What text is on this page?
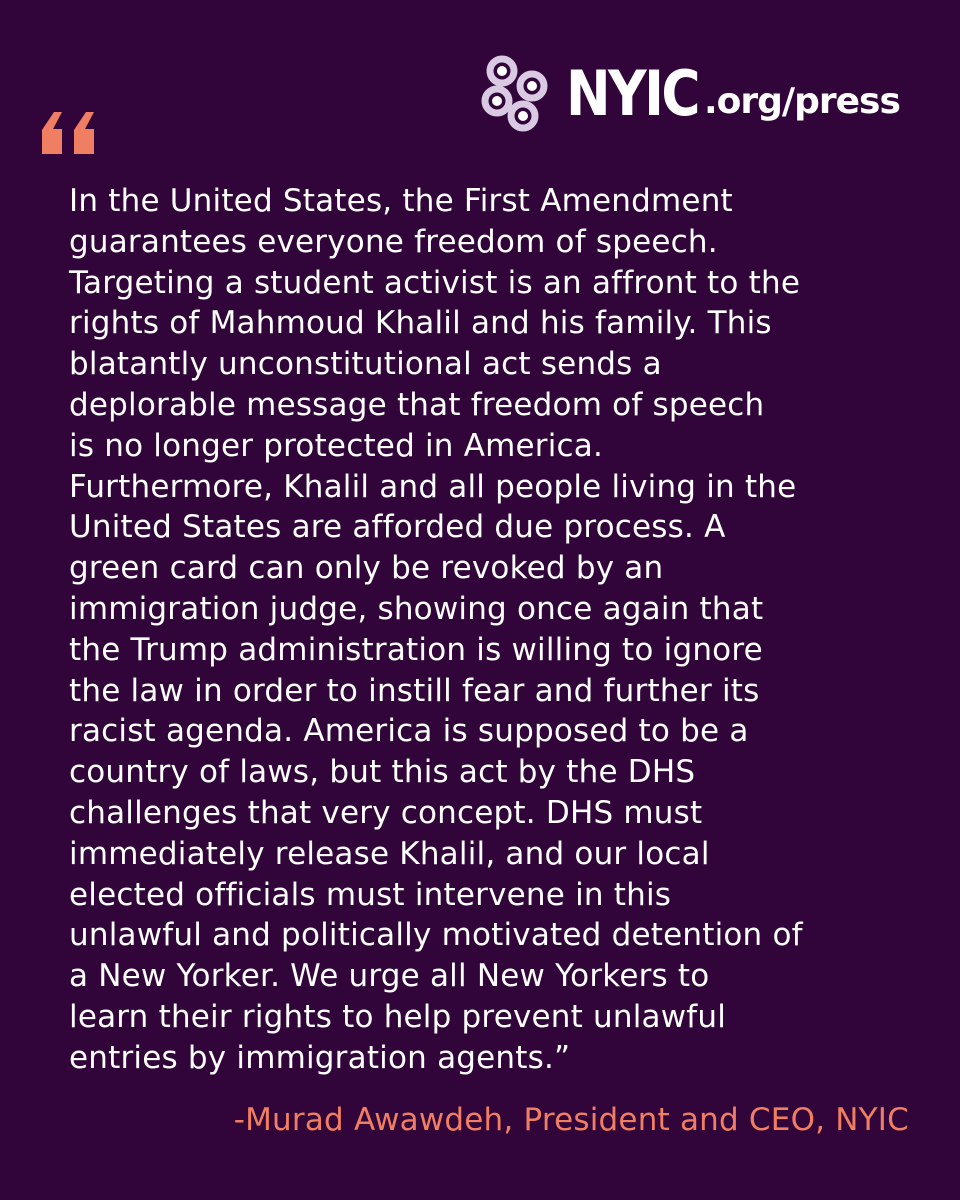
NYIC .org/press

In the United States, the First Amendment
guarantees everyone freedom of speech.
Targeting a student activist is an affront to the
rights of Mahmoud Khalil and his family. This
blatantly unconstitutional act sends a
deplorable message that freedom of speech
is no longer protected in America.
Furthermore, Khalil and all people living in the
United States are afforded due process. A
green card can only be revoked by an
immigration judge, showing once again that
the Trump administration is willing to ignore
the law in order to instill fear and further its
racist agenda. America is supposed to be a
country of laws, but this act by the DHS
challenges that very concept. DHS must
immediately release Khalil, and our local
elected officials must intervene in this
unlawful and politically motivated detention of
a New Yorker. We urge all New Yorkers to
learn their rights to help prevent unlawful
entries by immigration agents.”

-Murad Awawdeh, President and CEO, NYIC
